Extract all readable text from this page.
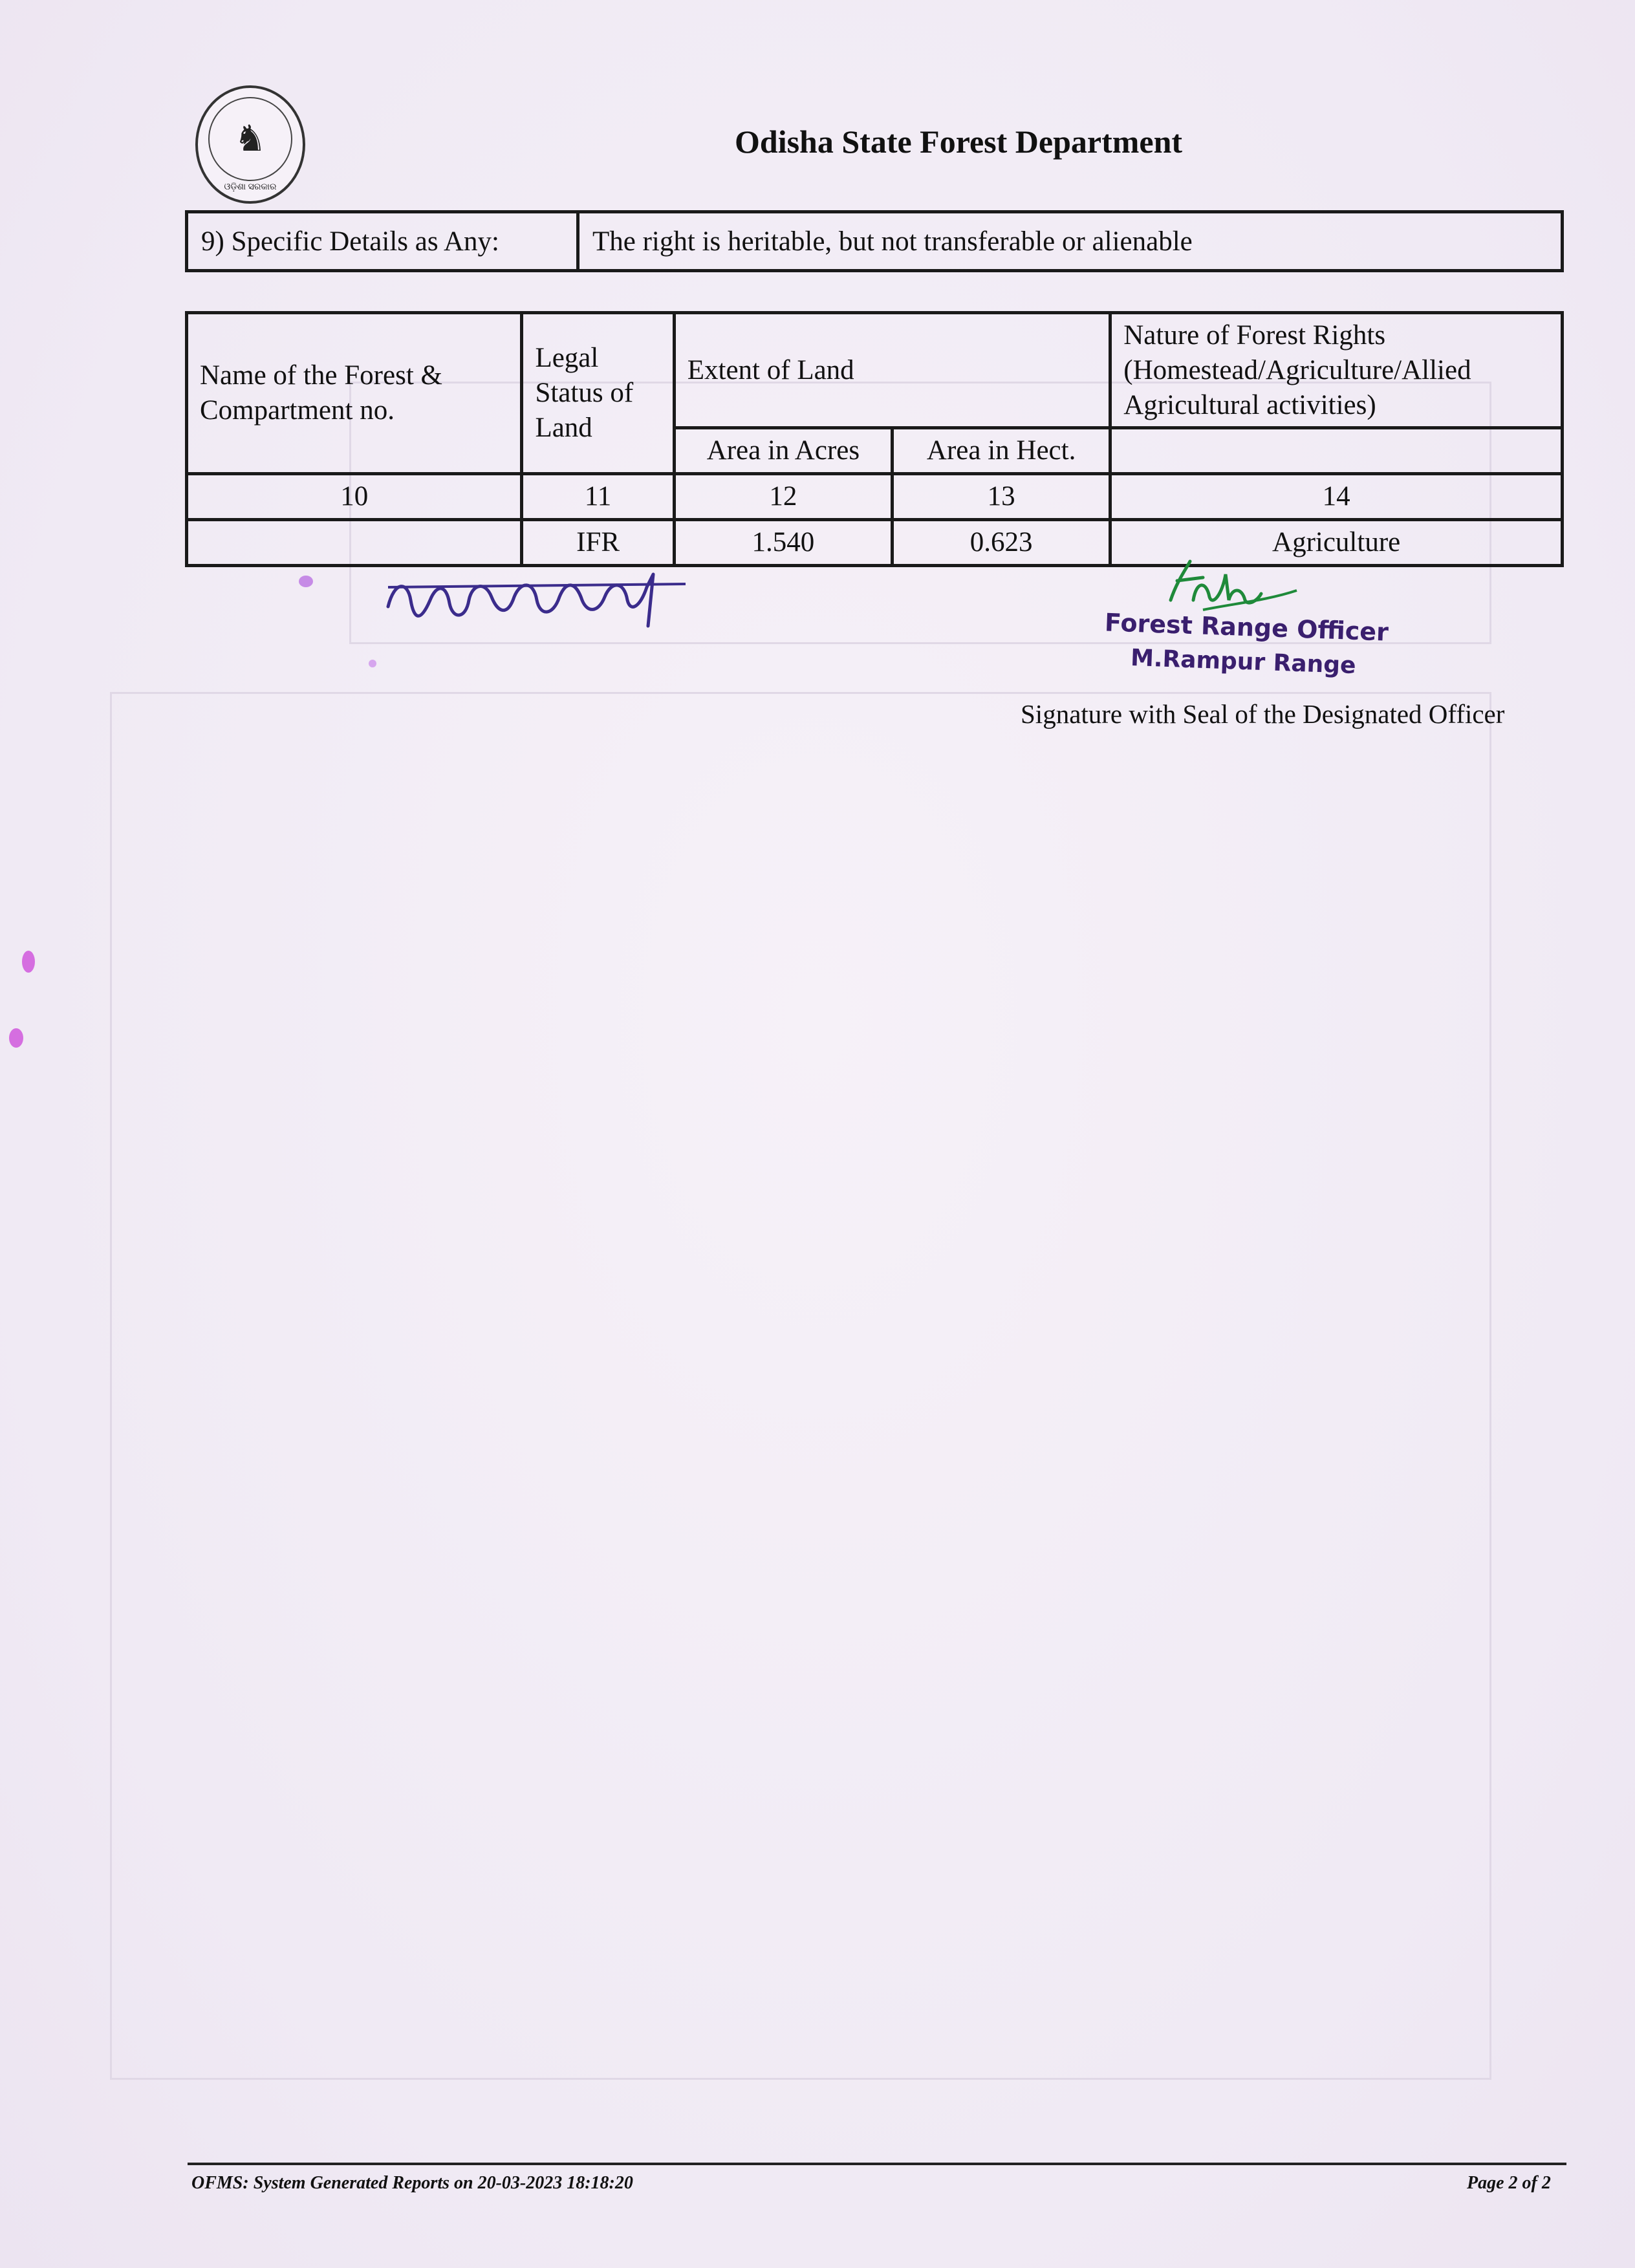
♞
ଓଡ଼ିଶା ସରକାର
Odisha State Forest Department
9) Specific Details as Any:	The right is heritable, but not transferable or alienable
Name of the Forest & Compartment no.	Legal Status of Land	Extent of Land		Nature of Forest Rights (Homestead/Agriculture/Allied Agricultural activities)
		Area in Acres	Area in Hect.	
10	11	12	13	14
	IFR	1.540	0.623	Agriculture
Forest Range Officer
M.Rampur Range
Signature with Seal of the Designated Officer
OFMS: System Generated Reports on 20-03-2023 18:18:20	Page 2 of 2
